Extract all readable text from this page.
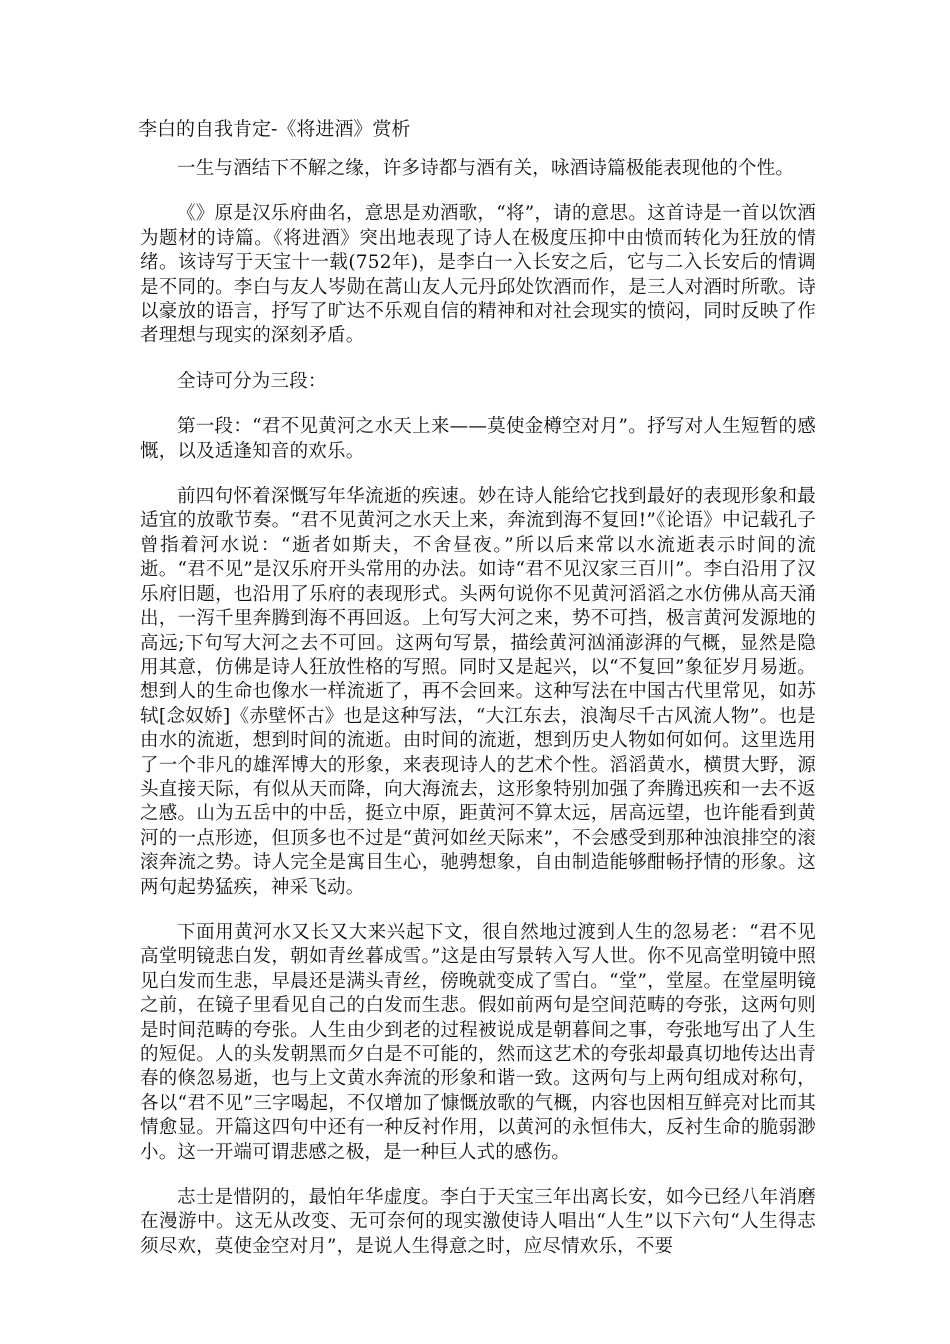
李白的自我肯定-《将进酒》赏析

一生与酒结下不解之缘，许多诗都与酒有关，咏酒诗篇极能表现他的个性。

《》原是汉乐府曲名，意思是劝酒歌，“将”，请的意思。这首诗是一首以饮酒为题材的诗篇。《将进酒》突出地表现了诗人在极度压抑中由愤而转化为狂放的情绪。该诗写于天宝十一载(752年)，是李白一入长安之后，它与二入长安后的情调是不同的。李白与友人岑勋在蒿山友人元丹邱处饮酒而作，是三人对酒时所歌。诗以豪放的语言，抒写了旷达不乐观自信的精神和对社会现实的愤闷，同时反映了作者理想与现实的深刻矛盾。

全诗可分为三段：

第一段：“君不见黄河之水天上来——莫使金樽空对月”。抒写对人生短暂的感慨，以及适逢知音的欢乐。

前四句怀着深慨写年华流逝的疾速。妙在诗人能给它找到最好的表现形象和最适宜的放歌节奏。“君不见黄河之水天上来，奔流到海不复回!”《论语》中记载孔子曾指着河水说：“逝者如斯夫，不舍昼夜。”所以后来常以水流逝表示时间的流逝。“君不见”是汉乐府开头常用的办法。如诗“君不见汉家三百川”。李白沿用了汉乐府旧题，也沿用了乐府的表现形式。头两句说你不见黄河滔滔之水仿佛从高天涌出，一泻千里奔腾到海不再回返。上句写大河之来，势不可挡，极言黄河发源地的高远;下句写大河之去不可回。这两句写景，描绘黄河汹涌澎湃的气概，显然是隐用其意，仿佛是诗人狂放性格的写照。同时又是起兴，以“不复回”象征岁月易逝。想到人的生命也像水一样流逝了，再不会回来。这种写法在中国古代里常见，如苏轼[念奴娇]《赤壁怀古》也是这种写法，“大江东去，浪淘尽千古风流人物”。也是由水的流逝，想到时间的流逝。由时间的流逝，想到历史人物如何如何。这里选用了一个非凡的雄浑博大的形象，来表现诗人的艺术个性。滔滔黄水，横贯大野，源头直接天际，有似从天而降，向大海流去，这形象特别加强了奔腾迅疾和一去不返之感。山为五岳中的中岳，挺立中原，距黄河不算太远，居高远望，也许能看到黄河的一点形迹，但顶多也不过是“黄河如丝天际来”，不会感受到那种浊浪排空的滚滚奔流之势。诗人完全是寓目生心，驰骋想象，自由制造能够酣畅抒情的形象。这两句起势猛疾，神采飞动。

下面用黄河水又长又大来兴起下文，很自然地过渡到人生的忽易老：“君不见高堂明镜悲白发，朝如青丝暮成雪。”这是由写景转入写人世。你不见高堂明镜中照见白发而生悲，早晨还是满头青丝，傍晚就变成了雪白。“堂”，堂屋。在堂屋明镜之前，在镜子里看见自己的白发而生悲。假如前两句是空间范畴的夸张，这两句则是时间范畴的夸张。人生由少到老的过程被说成是朝暮间之事，夸张地写出了人生的短促。人的头发朝黑而夕白是不可能的，然而这艺术的夸张却最真切地传达出青春的倏忽易逝，也与上文黄水奔流的形象和谐一致。这两句与上两句组成对称句，各以“君不见”三字喝起，不仅增加了慷慨放歌的气概，内容也因相互鲜亮对比而其情愈显。开篇这四句中还有一种反衬作用，以黄河的永恒伟大，反衬生命的脆弱渺小。这一开端可谓悲感之极，是一种巨人式的感伤。

志士是惜阴的，最怕年华虚度。李白于天宝三年出离长安，如今已经八年消磨在漫游中。这无从改变、无可奈何的现实激使诗人唱出“人生”以下六句“人生得志须尽欢，莫使金空对月”，是说人生得意之时，应尽情欢乐，不要
